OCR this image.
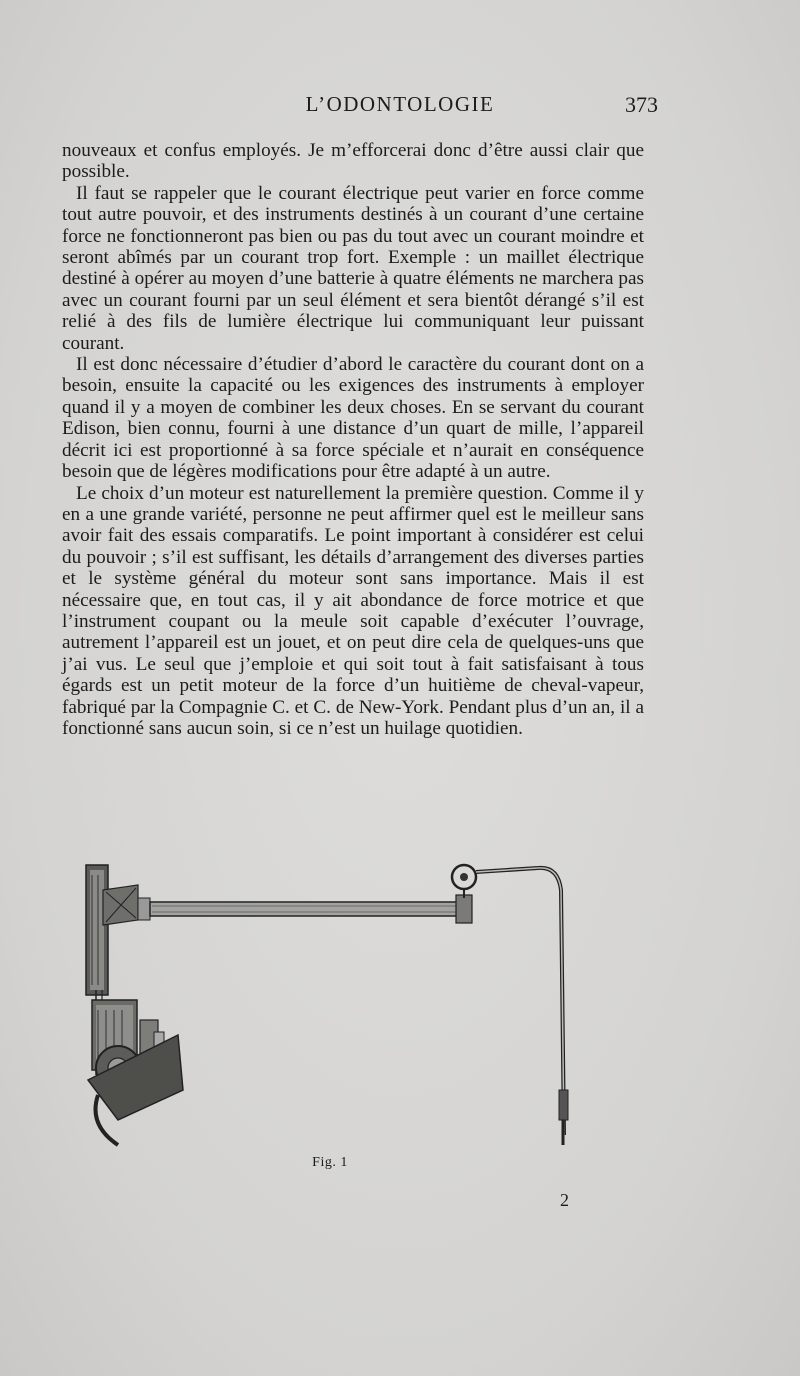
L’ODONTOLOGIE	373

nouveaux et confus employés. Je m’efforcerai donc d’être aussi clair que possible.

Il faut se rappeler que le courant électrique peut varier en force comme tout autre pouvoir, et des instruments destinés à un courant d’une certaine force ne fonctionneront pas bien ou pas du tout avec un courant moindre et seront abîmés par un courant trop fort. Exemple : un maillet électrique destiné à opérer au moyen d’une batterie à quatre éléments ne marchera pas avec un courant fourni par un seul élément et sera bientôt dérangé s’il est relié à des fils de lumière électrique lui communiquant leur puissant courant.

Il est donc nécessaire d’étudier d’abord le caractère du courant dont on a besoin, ensuite la capacité ou les exigences des instruments à employer quand il y a moyen de combiner les deux choses. En se servant du courant Edison, bien connu, fourni à une distance d’un quart de mille, l’appareil décrit ici est proportionné à sa force spéciale et n’aurait en conséquence besoin que de légères modifications pour être adapté à un autre.

Le choix d’un moteur est naturellement la première question. Comme il y en a une grande variété, personne ne peut affirmer quel est le meilleur sans avoir fait des essais comparatifs. Le point important à considérer est celui du pouvoir ; s’il est suffisant, les détails d’arrangement des diverses parties et le système général du moteur sont sans importance. Mais il est nécessaire que, en tout cas, il y ait abondance de force motrice et que l’instrument coupant ou la meule soit capable d’exécuter l’ouvrage, autrement l’appareil est un jouet, et on peut dire cela de quelques-uns que j’ai vus. Le seul que j’emploie et qui soit tout à fait satisfaisant à tous égards est un petit moteur de la force d’un huitième de cheval-vapeur, fabriqué par la Compagnie C. et C. de New-York. Pendant plus d’un an, il a fonctionné sans aucun soin, si ce n’est un huilage quotidien.

Fig. 1
2
